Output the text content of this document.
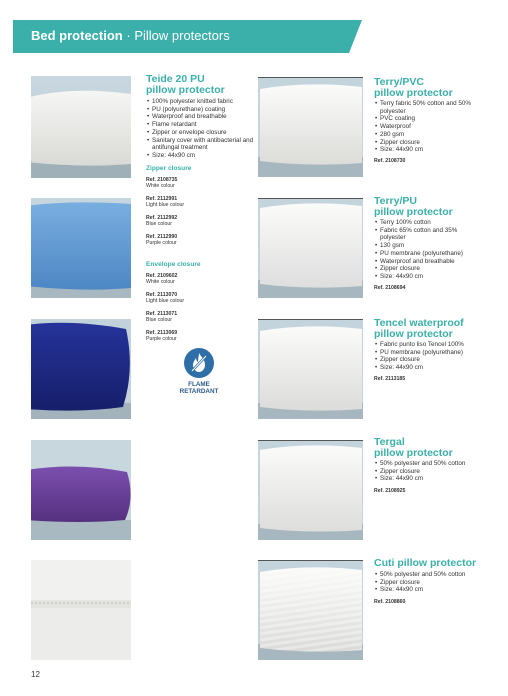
Bed protection · Pillow protectors
Teide 20 PU
pillow protector
• 100% polyester knitted fabric
• PU (polyurethane) coating
• Waterproof and breathable
• Flame retardant
• Zipper or envelope closure
• Sanitary cover with antibacterial and antifungal treatment
• Size: 44x90 cm
Zipper closure
Ref. 2108735
White colour
Ref. 2112991
Light blue colour
Ref. 2112992
Blue colour
Ref. 2112990
Purple colour
Envelope closure
Ref. 2109602
White colour
Ref. 2113070
Light blue colour
Ref. 2113071
Blue colour
Ref. 2113069
Purple colour
FLAME
RETARDANT
Terry/PVC
pillow protector
• Terry fabric 50% cotton and 50% polyester
• PVC coating
• Waterproof
• 280 gsm
• Zipper closure
• Size: 44x90 cm
Ref. 2108730
Terry/PU
pillow protector
• Terry 100% cotton
• Fabric 65% cotton and 35% polyester
• 130 gsm
• PU membrane (polyurethane)
• Waterproof and breathable
• Zipper closure
• Size: 44x90 cm
Ref. 2108694
Tencel waterproof
pillow protector
• Fabric punto liso Tencel 100%
• PU membrane (polyurethane)
• Zipper closure
• Size: 44x90 cm
Ref. 2113185
Tergal
pillow protector
• 50% polyester and 50% cotton
• Zipper closure
• Size: 44x90 cm
Ref. 2108925
Cuti pillow protector
• 50% polyester and 50% cotton
• Zipper closure
• Size: 44x90 cm
Ref. 2108860
12
